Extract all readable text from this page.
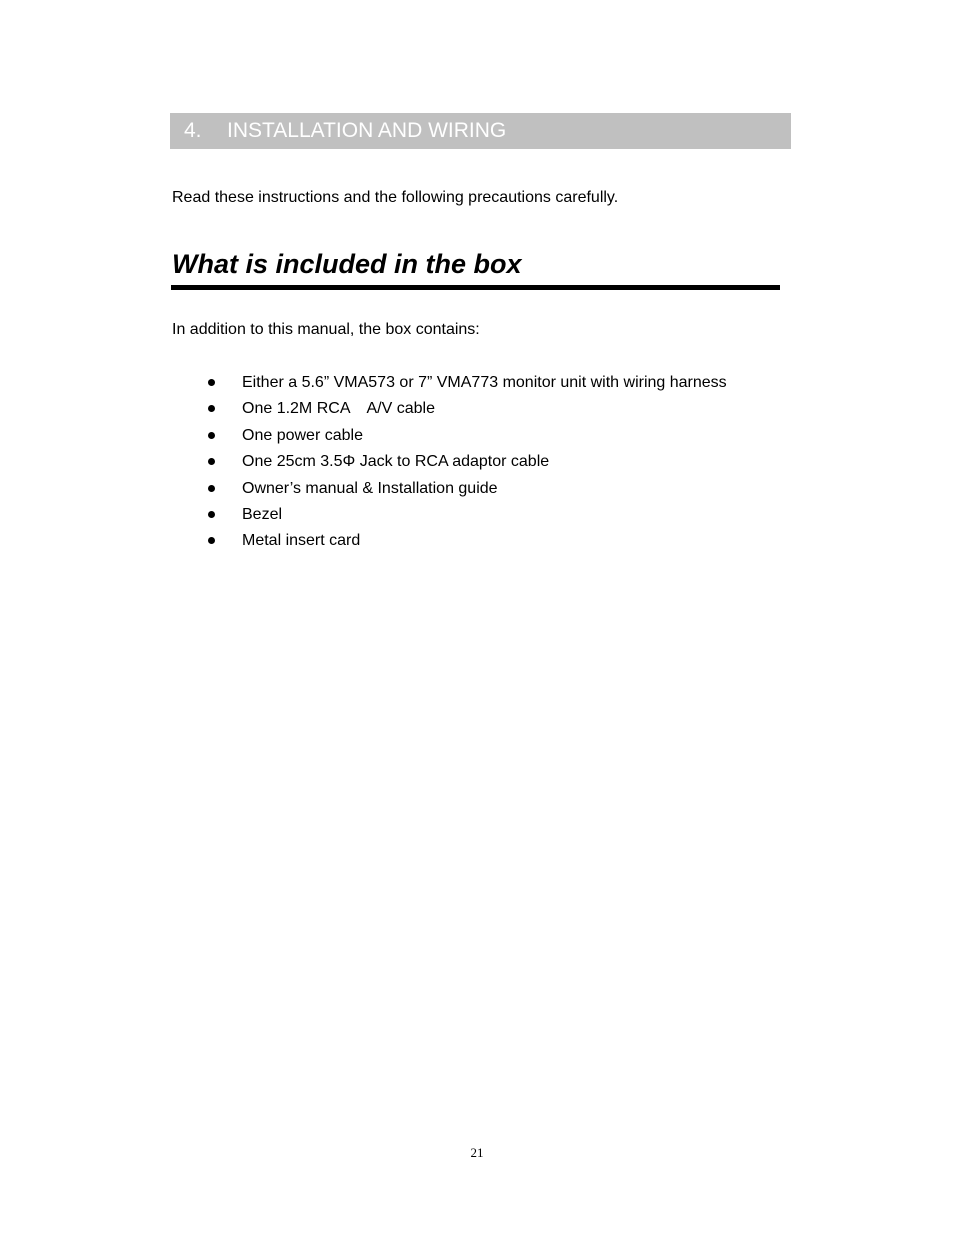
4. INSTALLATION AND WIRING
Read these instructions and the following precautions carefully.
What is included in the box
In addition to this manual, the box contains:
Either a 5.6” VMA573 or 7” VMA773 monitor unit with wiring harness
One 1.2M RCA A/V cable
One power cable
One 25cm 3.5Φ Jack to RCA adaptor cable
Owner’s manual & Installation guide
Bezel
Metal insert card
21
